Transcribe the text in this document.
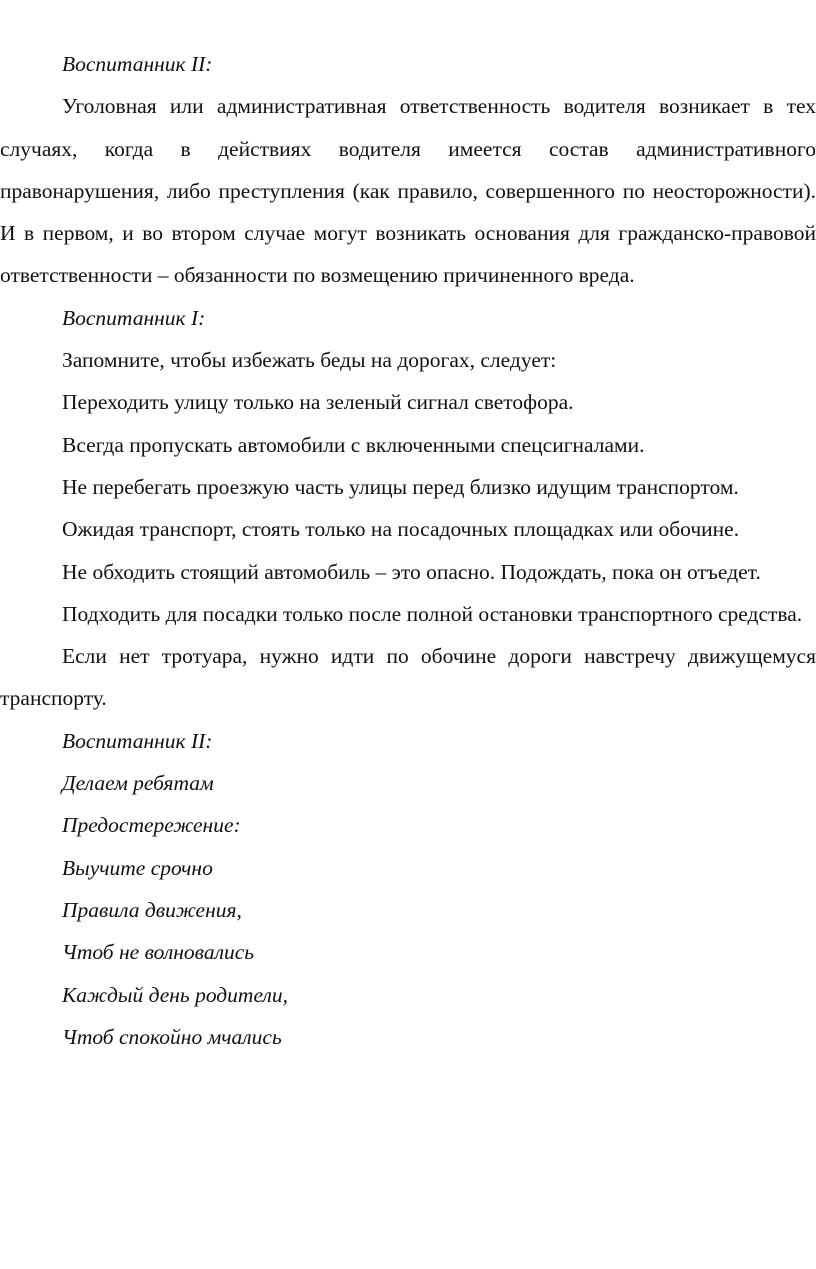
Воспитанник II:

Уголовная или административная ответственность водителя возникает в тех случаях, когда в действиях водителя имеется состав административного правонарушения, либо преступления (как правило, совершенного по неосторожности). И в первом, и во втором случае могут возникать основания для гражданско-правовой ответственности – обязанности по возмещению причиненного вреда.

Воспитанник I:

Запомните, чтобы избежать беды на дорогах, следует:

Переходить улицу только на зеленый сигнал светофора.

Всегда пропускать автомобили с включенными спецсигналами.

Не перебегать проезжую часть улицы перед близко идущим транспортом.

Ожидая транспорт, стоять только на посадочных площадках или обочине.

Не обходить стоящий автомобиль – это опасно. Подождать, пока он отъедет.

Подходить для посадки только после полной остановки транспортного средства.

Если нет тротуара, нужно идти по обочине дороги навстречу движущемуся транспорту.

Воспитанник II:

Делаем ребятам

Предостережение:

Выучите срочно

Правила движения,

Чтоб не волновались

Каждый день родители,

Чтоб спокойно мчались
